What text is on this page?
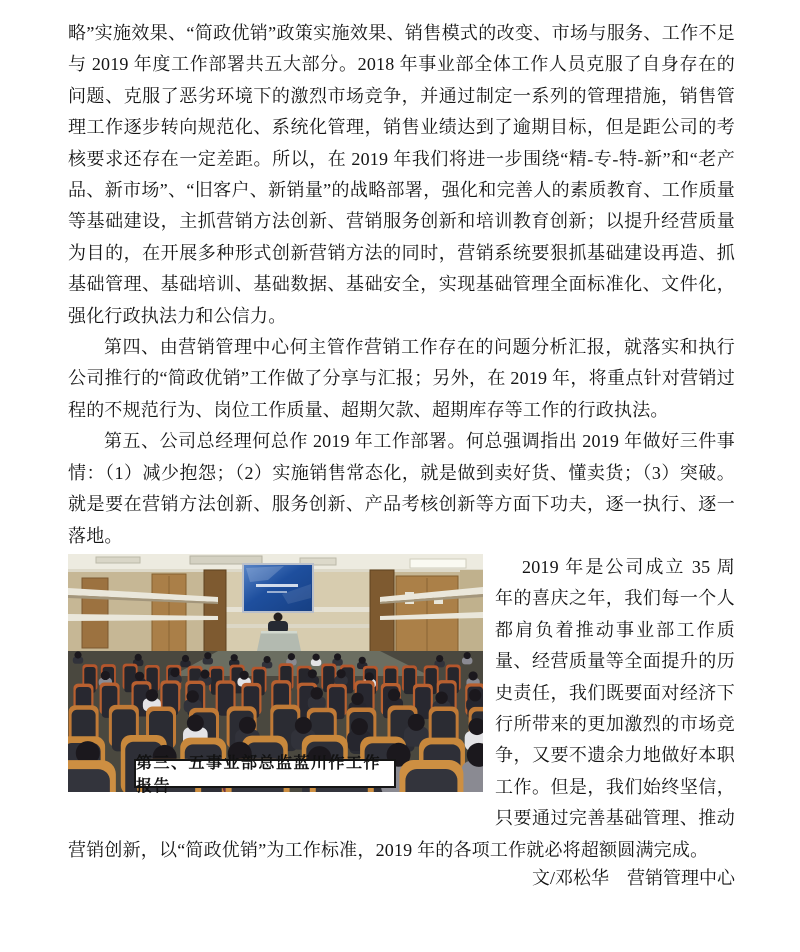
略”实施效果、“简政优销”政策实施效果、销售模式的改变、市场与服务、工作不足与 2019 年度工作部署共五大部分。2018 年事业部全体工作人员克服了自身存在的问题、克服了恶劣环境下的激烈市场竞争，并通过制定一系列的管理措施，销售管理工作逐步转向规范化、系统化管理，销售业绩达到了逾期目标，但是距公司的考核要求还存在一定差距。所以，在 2019 年我们将进一步围绕“精-专-特-新”和“老产品、新市场”、“旧客户、新销量”的战略部署，强化和完善人的素质教育、工作质量等基础建设，主抓营销方法创新、营销服务创新和培训教育创新；以提升经营质量为目的，在开展多种形式创新营销方法的同时，营销系统要狠抓基础建设再造、抓基础管理、基础培训、基础数据、基础安全，实现基础管理全面标准化、文件化，强化行政执法力和公信力。

第四、由营销管理中心何主管作营销工作存在的问题分析汇报，就落实和执行公司推行的“简政优销”工作做了分享与汇报；另外，在 2019 年，将重点针对营销过程的不规范行为、岗位工作质量、超期欠款、超期库存等工作的行政执法。

第五、公司总经理何总作 2019 年工作部署。何总强调指出 2019 年做好三件事情：（1）减少抱怨；（2）实施销售常态化，就是做到卖好货、懂卖货；（3）突破。就是要在营销方法创新、服务创新、产品考核创新等方面下功夫，逐一执行、逐一落地。

第三、五事业部总监蓝川作工作报告

2019 年是公司成立 35 周年的喜庆之年，我们每一个人都肩负着推动事业部工作质量、经营质量等全面提升的历史责任，我们既要面对经济下行所带来的更加激烈的市场竞争，又要不遗余力地做好本职工作。但是，我们始终坚信，只要通过完善基础管理、推动营销创新，以“简政优销”为工作标准，2019 年的各项工作就必将超额圆满完成。

文/邓松华　营销管理中心
